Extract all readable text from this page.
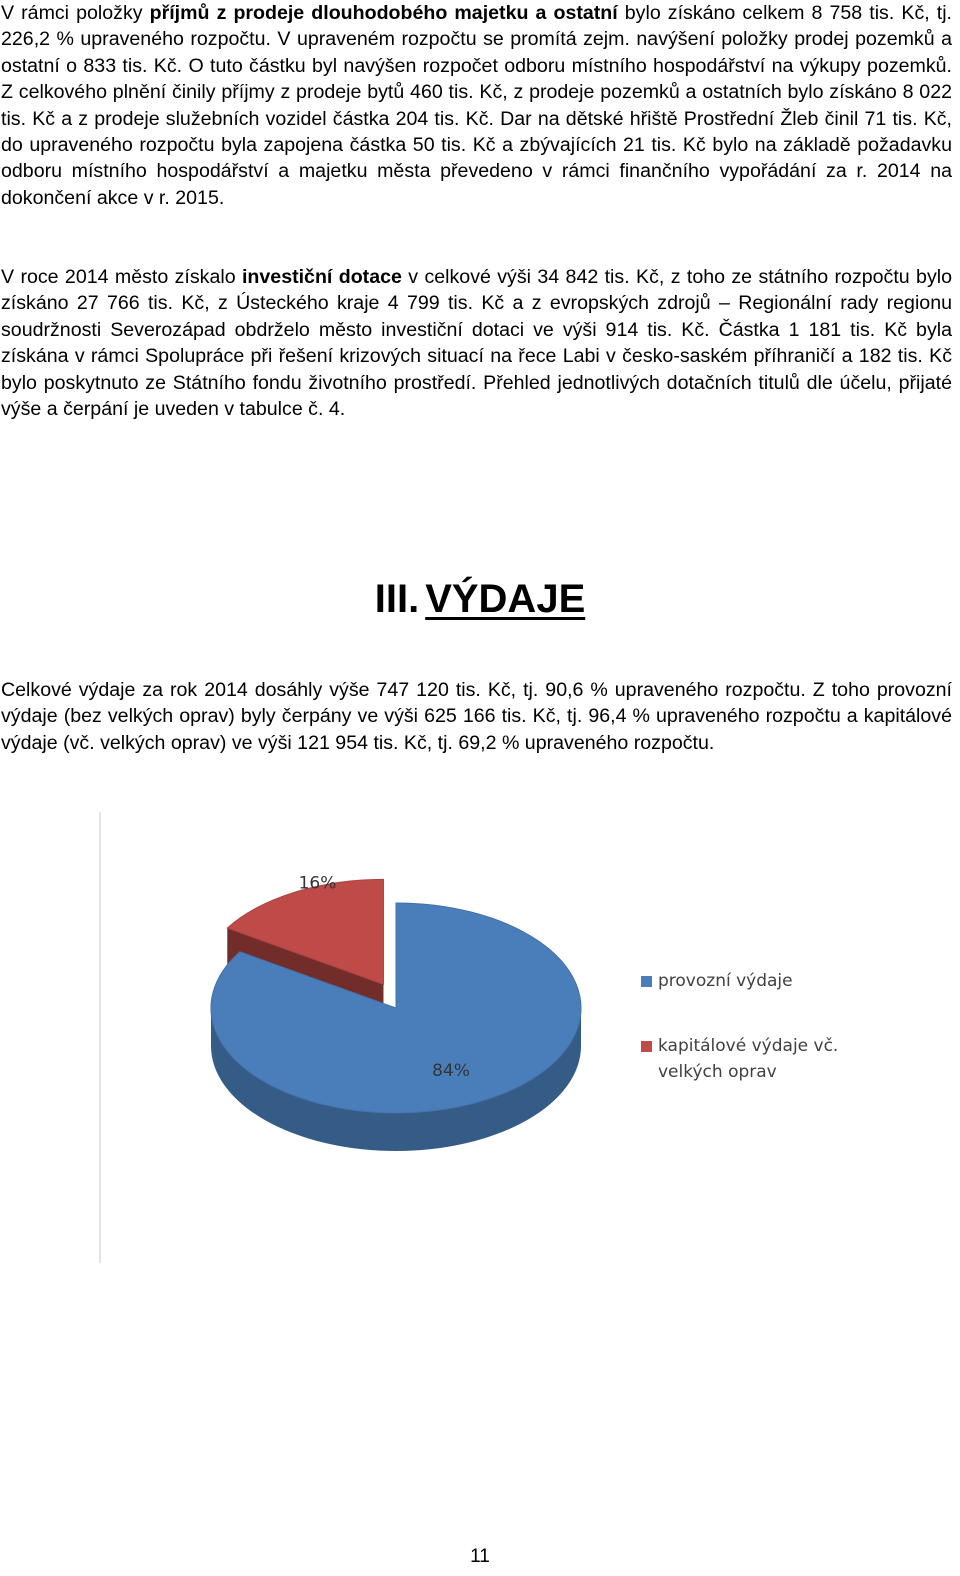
V rámci položky příjmů z prodeje dlouhodobého majetku a ostatní bylo získáno celkem 8 758 tis. Kč, tj. 226,2 % upraveného rozpočtu. V upraveném rozpočtu se promítá zejm. navýšení položky prodej pozemků a ostatní o 833 tis. Kč. O tuto částku byl navýšen rozpočet odboru místního hospodářství na výkupy pozemků. Z celkového plnění činily příjmy z prodeje bytů 460 tis. Kč, z prodeje pozemků a ostatních bylo získáno 8 022 tis. Kč a z prodeje služebních vozidel částka 204 tis. Kč. Dar na dětské hřiště Prostřední Žleb činil 71 tis. Kč, do upraveného rozpočtu byla zapojena částka 50 tis. Kč a zbývajících 21 tis. Kč bylo na základě požadavku odboru místního hospodářství a majetku města převedeno v rámci finančního vypořádání za r. 2014 na dokončení akce v r. 2015.

V roce 2014 město získalo investiční dotace v celkové výši 34 842 tis. Kč, z toho ze státního rozpočtu bylo získáno 27 766 tis. Kč, z Ústeckého kraje 4 799 tis. Kč a z evropských zdrojů – Regionální rady regionu soudržnosti Severozápad obdrželo město investiční dotaci ve výši 914 tis. Kč. Částka 1 181 tis. Kč byla získána v rámci Spolupráce při řešení krizových situací na řece Labi v česko-saském příhraničí a 182 tis. Kč bylo poskytnuto ze Státního fondu životního prostředí. Přehled jednotlivých dotačních titulů dle účelu, přijaté výše a čerpání je uveden v tabulce č. 4.

III. VÝDAJE

Celkové výdaje za rok 2014 dosáhly výše 747 120 tis. Kč, tj. 90,6 % upraveného rozpočtu. Z toho provozní výdaje (bez velkých oprav) byly čerpány ve výši 625 166 tis. Kč, tj. 96,4 % upraveného rozpočtu a kapitálové výdaje (vč. velkých oprav) ve výši 121 954 tis. Kč, tj. 69,2 % upraveného rozpočtu.

84%
16%
provozní výdaje
kapitálové výdaje vč.
velkých oprav

11
